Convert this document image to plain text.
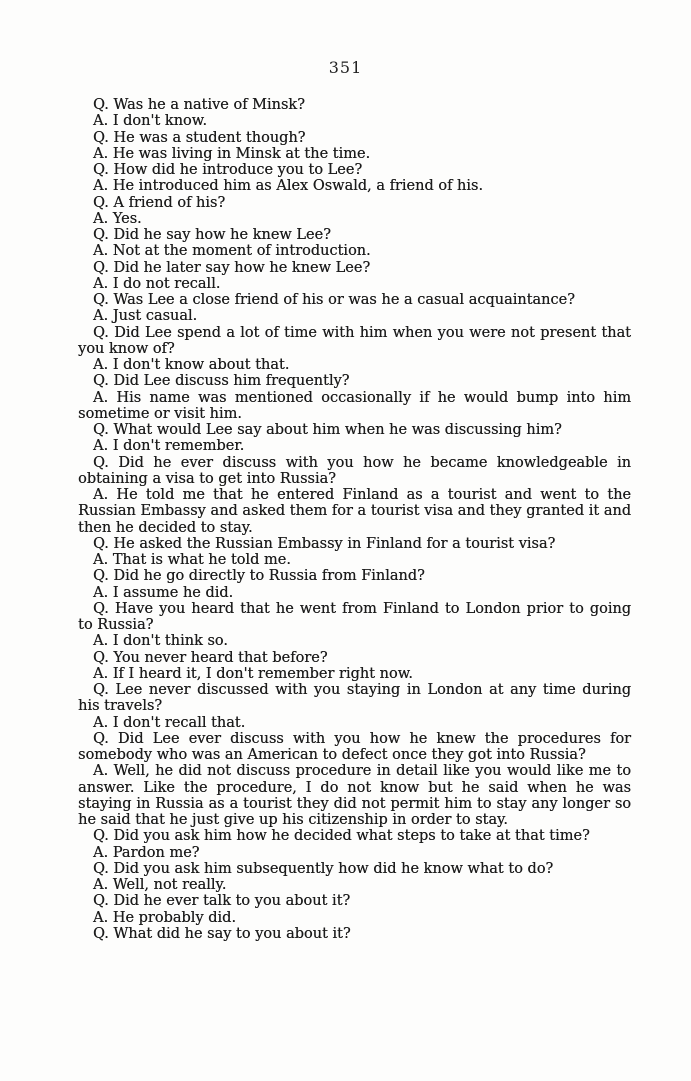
351

Q. Was he a native of Minsk?

A. I don't know.

Q. He was a student though?

A. He was living in Minsk at the time.

Q. How did he introduce you to Lee?

A. He introduced him as Alex Oswald, a friend of his.

Q. A friend of his?

A. Yes.

Q. Did he say how he knew Lee?

A. Not at the moment of introduction.

Q. Did he later say how he knew Lee?

A. I do not recall.

Q. Was Lee a close friend of his or was he a casual acquaintance?

A. Just casual.

Q. Did Lee spend a lot of time with him when you were not present that you know of?

A. I don't know about that.

Q. Did Lee discuss him frequently?

A. His name was mentioned occasionally if he would bump into him sometime or visit him.

Q. What would Lee say about him when he was discussing him?

A. I don't remember.

Q. Did he ever discuss with you how he became knowledgeable in obtaining a visa to get into Russia?

A. He told me that he entered Finland as a tourist and went to the Russian Embassy and asked them for a tourist visa and they granted it and then he decided to stay.

Q. He asked the Russian Embassy in Finland for a tourist visa?

A. That is what he told me.

Q. Did he go directly to Russia from Finland?

A. I assume he did.

Q. Have you heard that he went from Finland to London prior to going to Russia?

A. I don't think so.

Q. You never heard that before?

A. If I heard it, I don't remember right now.

Q. Lee never discussed with you staying in London at any time during his travels?

A. I don't recall that.

Q. Did Lee ever discuss with you how he knew the procedures for somebody who was an American to defect once they got into Russia?

A. Well, he did not discuss procedure in detail like you would like me to answer. Like the procedure, I do not know but he said when he was staying in Russia as a tourist they did not permit him to stay any longer so he said that he just give up his citizenship in order to stay.

Q. Did you ask him how he decided what steps to take at that time?

A. Pardon me?

Q. Did you ask him subsequently how did he know what to do?

A. Well, not really.

Q. Did he ever talk to you about it?

A. He probably did.

Q. What did he say to you about it?
